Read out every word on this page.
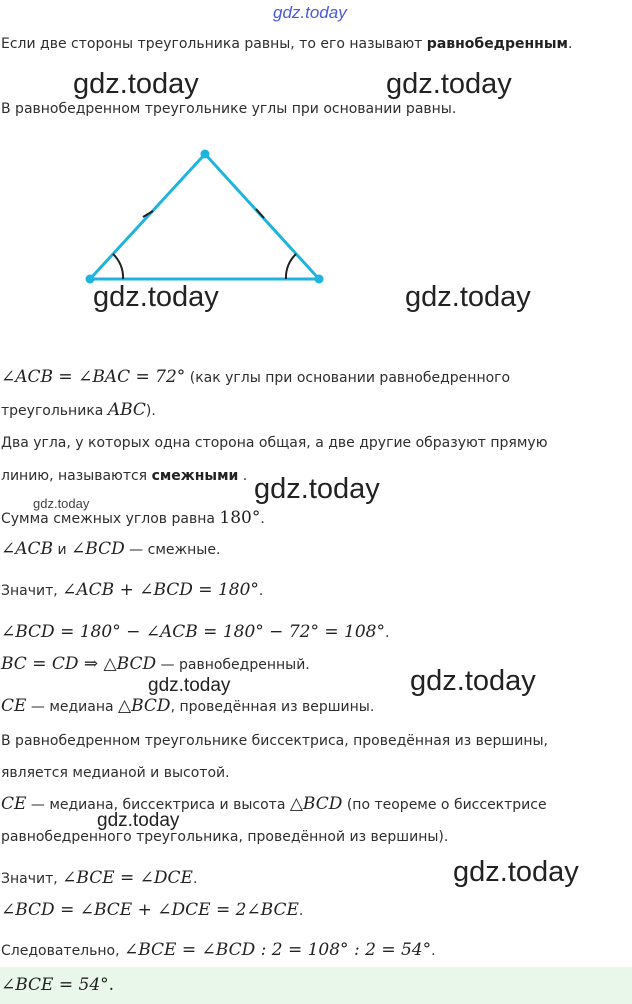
gdz.today
gdz.today	gdz.today
gdz.today	gdz.today
gdz.today
gdz.today
gdz.today	gdz.today
gdz.today
gdz.today
Если две стороны треугольника равны, то его называют равнобедренным.
В равнобедренном треугольнике углы при основании равны.
∠ACB = ∠BAC = 72° (как углы при основании равнобедренного
треугольника ABC).
Два угла, у которых одна сторона общая, а две другие образуют прямую
линию, называются смежными .
Сумма смежных углов равна 180°.
∠ACB и ∠BCD — смежные.
Значит, ∠ACB + ∠BCD = 180°.
∠BCD = 180° − ∠ACB = 180° − 72° = 108°.
BC = CD ⇒ △BCD — равнобедренный.
CE — медиана △BCD, проведённая из вершины.
В равнобедренном треугольнике биссектриса, проведённая из вершины,
является медианой и высотой.
CE — медиана, биссектриса и высота △BCD (по теореме о биссектрисе
равнобедренного треугольника, проведённой из вершины).
Значит, ∠BCE = ∠DCE.
∠BCD = ∠BCE + ∠DCE = 2∠BCE.
Следовательно, ∠BCE = ∠BCD : 2 = 108° : 2 = 54°.
∠BCE = 54°.
